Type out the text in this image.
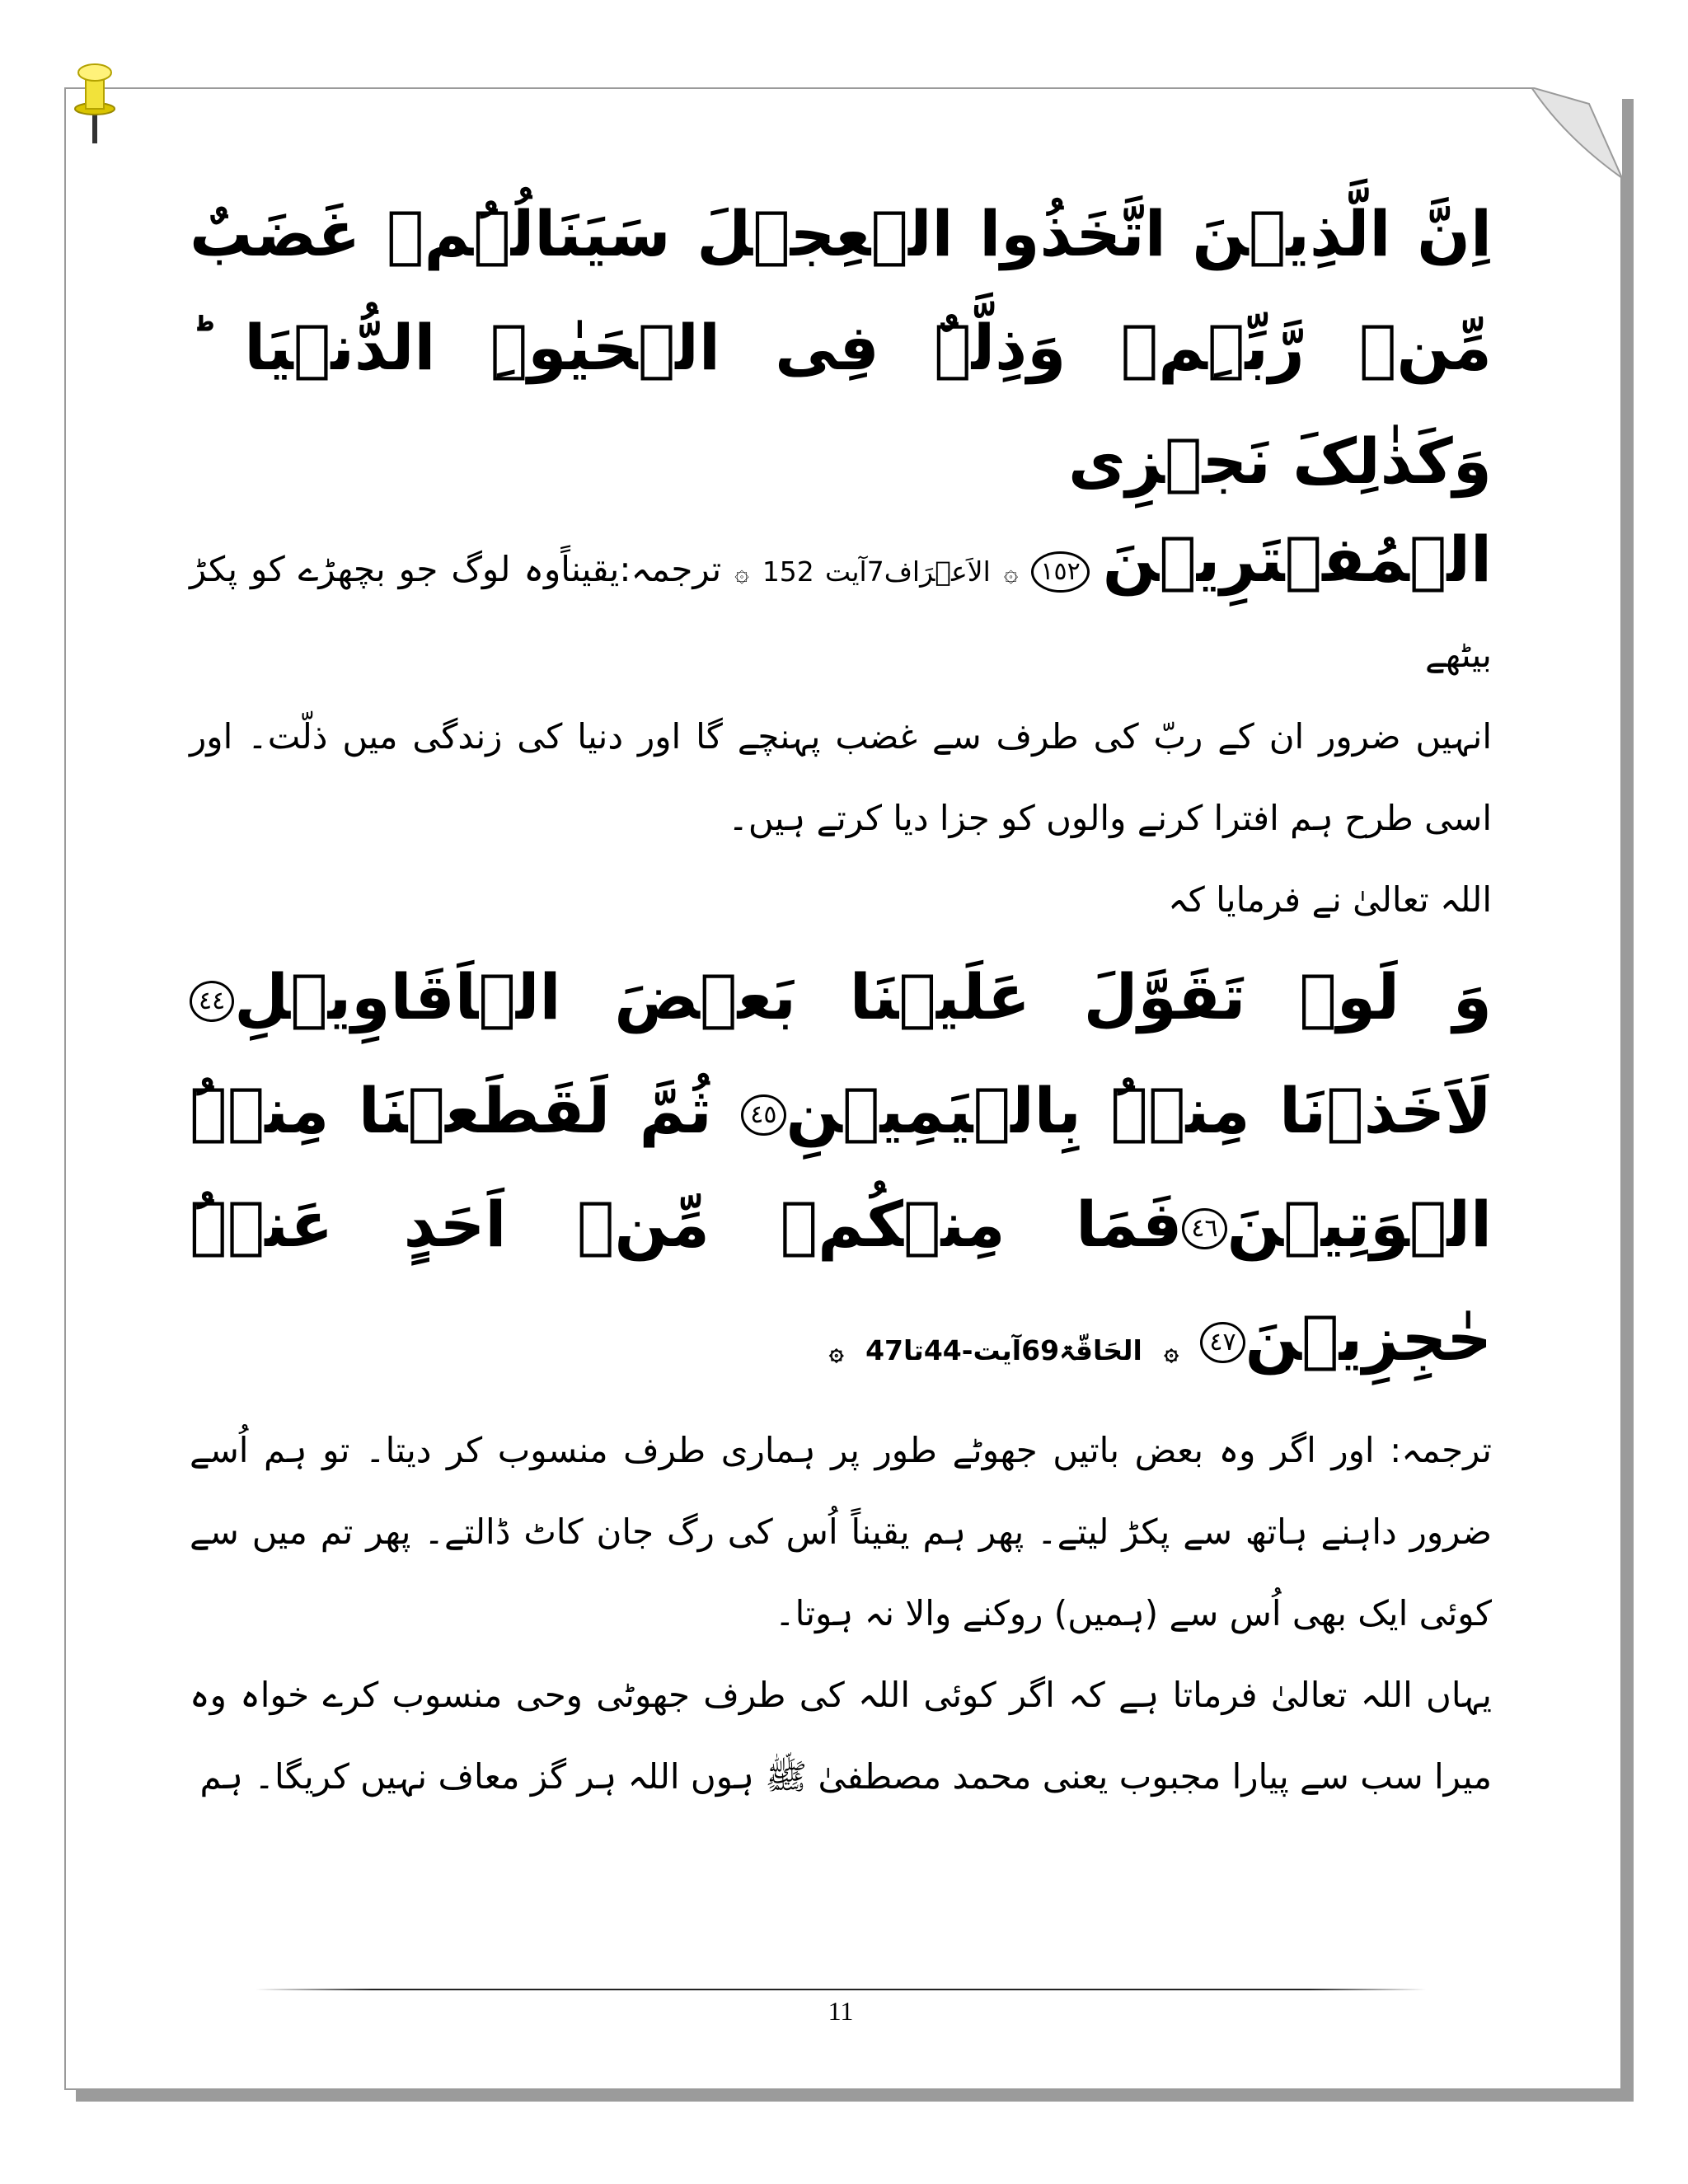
اِنَّ الَّذِیۡنَ اتَّخَذُوا الۡعِجۡلَ سَیَنَالُہُمۡ غَضَبٌ مِّنۡ رَّبِّہِمۡ وَذِلَّۃٌ فِی الۡحَیٰوۃِ الدُّنۡیَا ؕ وَکَذٰلِکَ نَجۡزِی

الۡمُفۡتَرِیۡنَ ١٥٢ ۞ الاَعۡرَاف7آیت 152 ۞ ترجمہ:یقیناًوہ لوگ جو بچھڑے کو پکڑ بیٹھے

انہیں ضرور ان کے ربّ کی طرف سے غضب پہنچے گا اور دنیا کی زندگی میں ذلّت۔ اور اسی طرح ہم افترا کرنے والوں کو جزا دیا کرتے ہیں۔

اللہ تعالیٰ نے فرمایا کہ

وَ لَوۡ تَقَوَّلَ عَلَیۡنَا بَعۡضَ الۡاَقَاوِیۡلِ٤٤لَاَخَذۡنَا مِنۡہُ بِالۡیَمِیۡنِ٤٥ ثُمَّ لَقَطَعۡنَا مِنۡہُ الۡوَتِیۡنَ٤٦فَمَا مِنۡکُمۡ مِّنۡ اَحَدٍ عَنۡہُ حٰجِزِیۡنَ٤٧ ۞ الحَاقّۃ69آیت-44تا47 ۞

ترجمہ: اور اگر وہ بعض باتیں جھوٹے طور پر ہماری طرف منسوب کر دیتا۔ تو ہم اُسے ضرور داہنے ہاتھ سے پکڑ لیتے۔ پھر ہم یقیناً اُس کی رگ جان کاٹ ڈالتے۔ پھر تم میں سے کوئی ایک بھی اُس سے (ہمیں) روکنے والا نہ ہوتا۔

یہاں اللہ تعالیٰ فرماتا ہے کہ اگر کوئی اللہ کی طرف جھوٹی وحی منسوب کرے خواہ وہ میرا سب سے پیارا مجبوب یعنی محمد مصطفیٰ ﷺ ہوں اللہ ہر گز معاف نہیں کریگا۔ ہم

11
